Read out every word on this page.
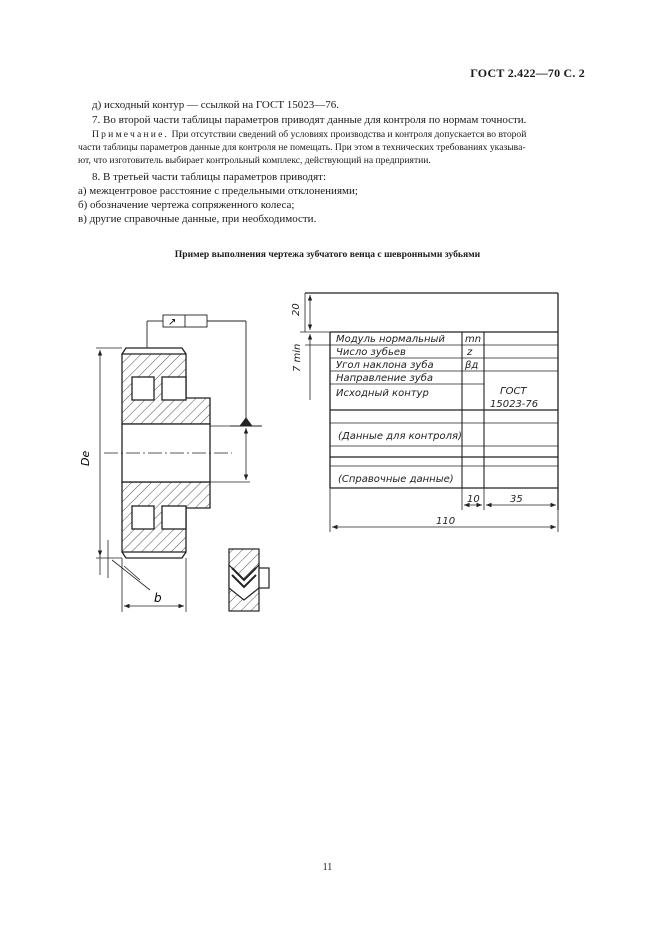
ГОСТ 2.422—70 С. 2
д) исходный контур — ссылкой на ГОСТ 15023—76.
7. Во второй части таблицы параметров приводят данные для контроля по нормам точности.
Примечание. При отсутствии сведений об условиях производства и контроля допускается во второй
части таблицы параметров данные для контроля не помещать. При этом в технических требованиях указыва-
ют, что изготовитель выбирает контрольный комплекс, действующий на предприятии.
8. В третьей части таблицы параметров приводят:
а) межцентровое расстояние с предельными отклонениями;
б) обозначение чертежа сопряженного колеса;
в) другие справочные данные, при необходимости.
Пример выполнения чертежа зубчатого венца с шевронными зубьями
De
b
↗
Модуль нормальный mn
Число зубьев	z
Угол наклона зуба	βд
Направление зуба
Исходный контур	ГОСТ
15023-76
(Данные для контроля)
(Справочные данные)
20
7 min
10	35
110
11
